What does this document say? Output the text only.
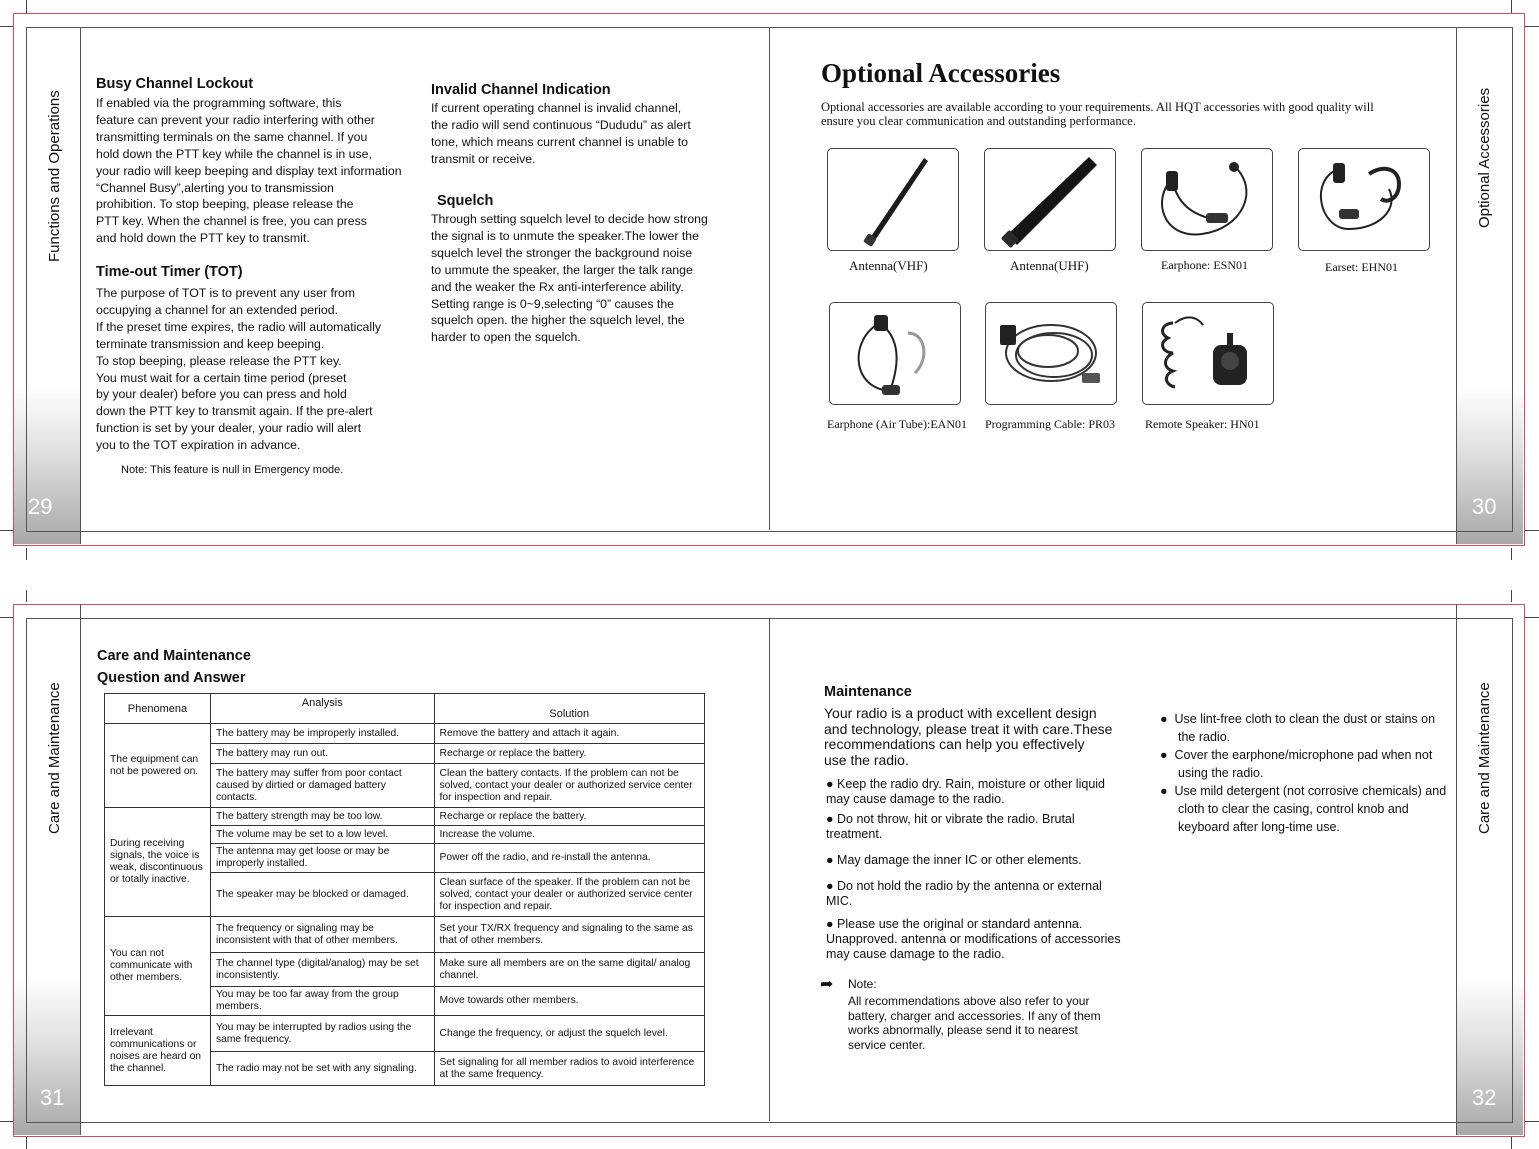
Functions and Operations	Optional Accessories
29	30
Busy Channel Lockout
If enabled via the programming software, this
feature can prevent your radio interfering with other
transmitting terminals on the same channel. If you
hold down the PTT key while the channel is in use,
your radio will keep beeping and display text information
“Channel Busy”,alerting you to transmission
prohibition. To stop beeping, please release the
PTT key. When the channel is free, you can press
and hold down the PTT key to transmit.
Time-out Timer (TOT)
The purpose of TOT is to prevent any user from
occupying a channel for an extended period.
If the preset time expires, the radio will automatically
terminate transmission and keep beeping.
To stop beeping, please release the PTT key.
You must wait for a certain time period (preset
by your dealer) before you can press and hold
down the PTT key to transmit again. If the pre-alert
function is set by your dealer, your radio will alert
you to the TOT expiration in advance.
Note: This feature is null in Emergency mode.
Invalid Channel Indication
If current operating channel is invalid channel,
the radio will send continuous “Dududu” as alert
tone, which means current channel is unable to
transmit or receive.
Squelch
Through setting squelch level to decide how strong
the signal is to unmute the speaker.The lower the
squelch level the stronger the background noise
to ummute the speaker, the larger the talk range
and the weaker the Rx anti-interference ability.
Setting range is 0~9,selecting “0” causes the
squelch open. the higher the squelch level, the
harder to open the squelch.
Optional Accessories
Optional accessories are available according to your requirements. All HQT accessories with good quality will
ensure you clear communication and outstanding performance.
Antenna(VHF)	Antenna(UHF)	Earphone: ESN01	Earset: EHN01
Earphone (Air Tube):EAN01 Programming Cable: PR03	Remote Speaker: HN01
Care and Maintenance	Care and Maintenance
31	32
Care and Maintenance
Question and Answer
Phenomena	Analysis	Solution
The equipment can not be powered on.	The battery may be improperly installed.	Remove the battery and attach it again.
	The battery may run out.	Recharge or replace the battery.
	The battery may suffer from poor contact caused by dirtied or damaged battery contacts.	Clean the battery contacts. If the problem can not be solved, contact your dealer or authorized service center for inspection and repair.
During receiving signals, the voice is weak, discontinuous or totally inactive.	The battery strength may be too low.	Recharge or replace the battery.
	The volume may be set to a low level.	Increase the volume.
	The antenna may get loose or may be improperly installed.	Power off the radio, and re-install the antenna.
	The speaker may be blocked or damaged.	Clean surface of the speaker. If the problem can not be solved, contact your dealer or authorized service center for inspection and repair.
You can not communicate with other members.	The frequency or signaling may be inconsistent with that of other members.	Set your TX/RX frequency and signaling to the same as that of other members.
	The channel type (digital/analog) may be set inconsistently.	Make sure all members are on the same digital/ analog channel.
	You may be too far away from the group members.	Move towards other members.
Irrelevant communications or noises are heard on the channel.	You may be interrupted by radios using the same frequency.	Change the frequency, or adjust the squelch level.
	The radio may not be set with any signaling.	Set signaling for all member radios to avoid interference at the same frequency.
Maintenance
Your radio is a product with excellent design
and technology, please treat it with care.These
recommendations can help you effectively
use the radio.
● Keep the radio dry. Rain, moisture or other liquid may cause damage to the radio.
● Do not throw, hit or vibrate the radio. Brutal treatment.
● May damage the inner IC or other elements.
● Do not hold the radio by the antenna or external MIC.
● Please use the original or standard antenna. Unapproved. antenna or modifications of accessories may cause damage to the radio.
➦ Note:
All recommendations above also refer to your
battery, charger and accessories. If any of them
works abnormally, please send it to nearest
service center.
●  Use lint-free cloth to clean the dust or stains on the radio.
●  Cover the earphone/microphone pad when not using the radio.
●  Use mild detergent (not corrosive chemicals) and cloth to clear the casing, control knob and keyboard after long-time use.
